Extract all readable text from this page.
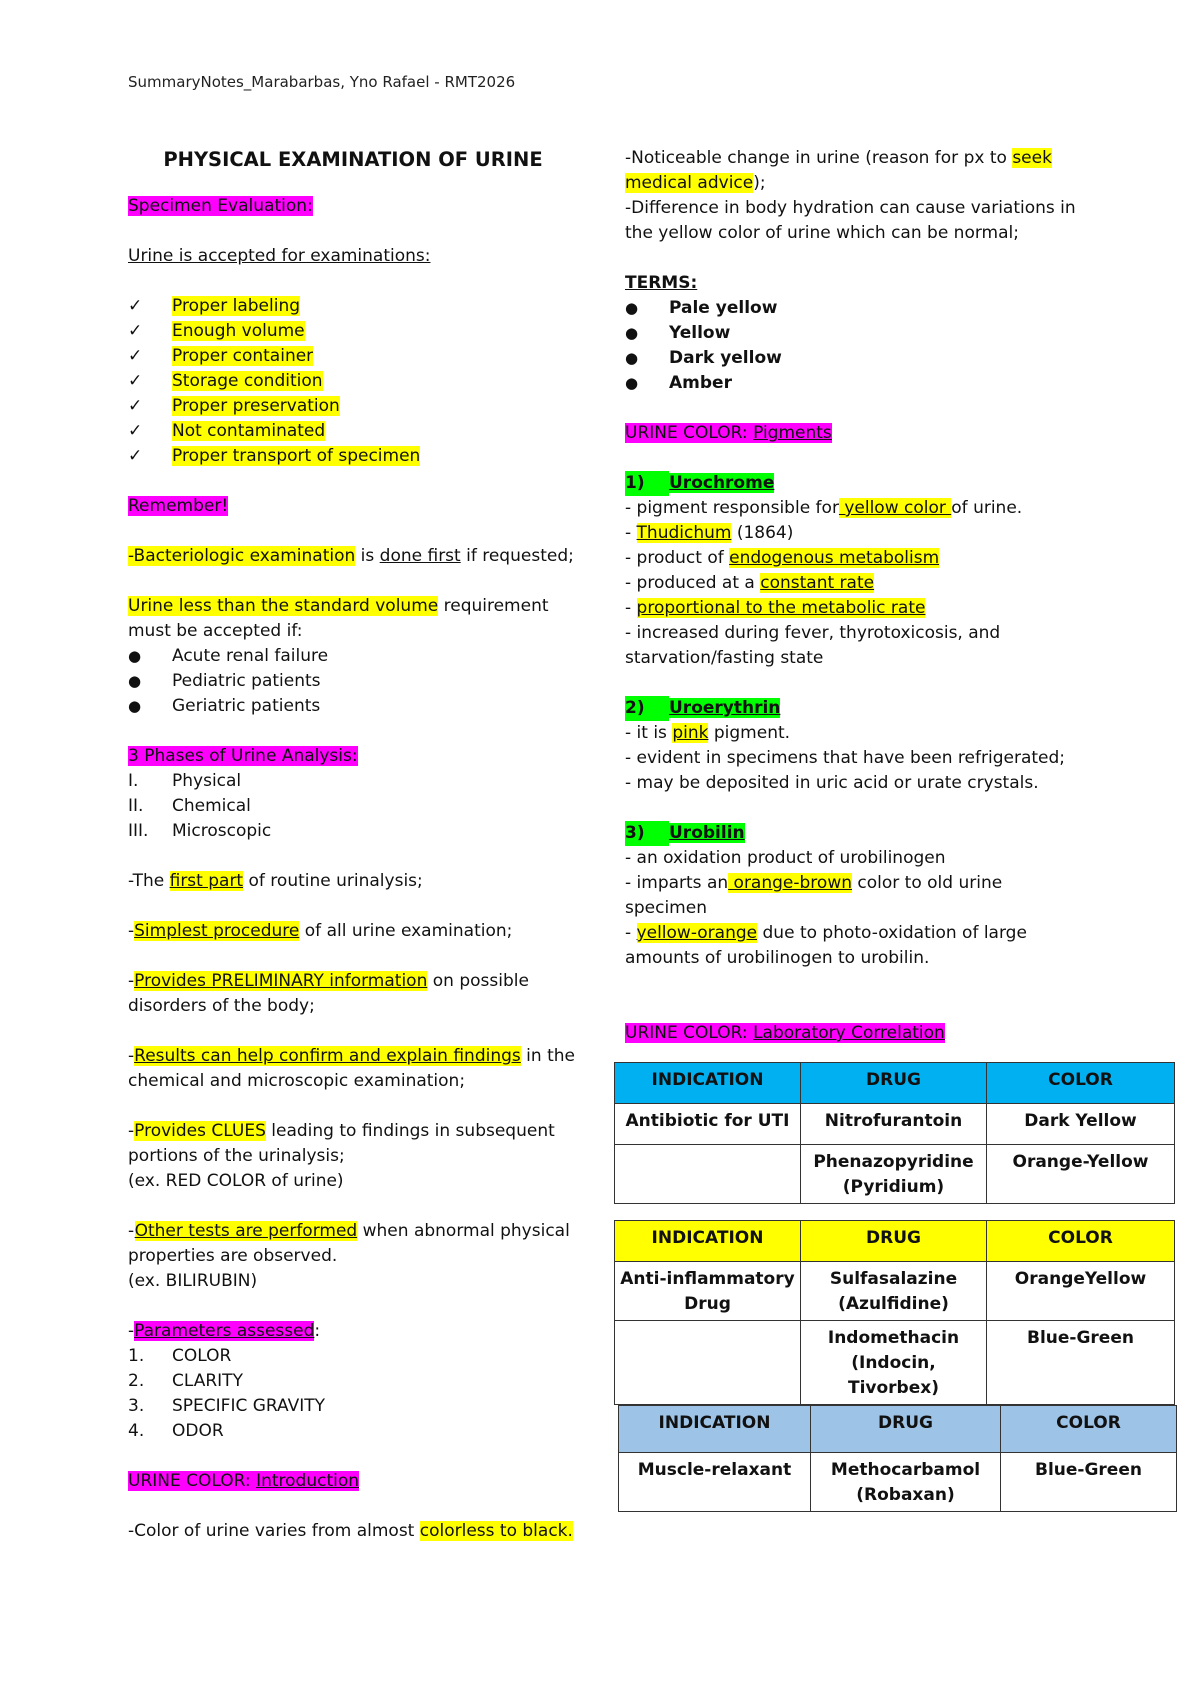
SummaryNotes_Marabarbas, Yno Rafael - RMT2026
PHYSICAL EXAMINATION OF URINE
Specimen Evaluation:
Urine is accepted for examinations:
✓ Proper labeling
✓ Enough volume
✓ Proper container
✓ Storage condition
✓ Proper preservation
✓ Not contaminated
✓ Proper transport of specimen
Remember!
-Bacteriologic examination is done first if requested;
Urine less than the standard volume requirement
must be accepted if:
● Acute renal failure
● Pediatric patients
● Geriatric patients
3 Phases of Urine Analysis:
I. Physical
II. Chemical
III. Microscopic
-The first part of routine urinalysis;
-Simplest procedure of all urine examination;
-Provides PRELIMINARY information on possible
disorders of the body;
-Results can help confirm and explain findings in the
chemical and microscopic examination;
-Provides CLUES leading to findings in subsequent
portions of the urinalysis;
(ex. RED COLOR of urine)
-Other tests are performed when abnormal physical
properties are observed.
(ex. BILIRUBIN)
-Parameters assessed:
1. COLOR
2. CLARITY
3. SPECIFIC GRAVITY
4. ODOR
URINE COLOR: Introduction
-Color of urine varies from almost colorless to black.
-Noticeable change in urine (reason for px to seek
medical advice);
-Difference in body hydration can cause variations in
the yellow color of urine which can be normal;
TERMS:
● Pale yellow
● Yellow
● Dark yellow
● Amber
URINE COLOR: Pigments
1) Urochrome
- pigment responsible for yellow color of urine.
- Thudichum (1864)
- product of endogenous metabolism
- produced at a constant rate
- proportional to the metabolic rate
- increased during fever, thyrotoxicosis, and
starvation/fasting state
2) Uroerythrin
- it is pink pigment.
- evident in specimens that have been refrigerated;
- may be deposited in uric acid or urate crystals.
3) Urobilin
- an oxidation product of urobilinogen
- imparts an orange-brown color to old urine
specimen
- yellow-orange due to photo-oxidation of large
amounts of urobilinogen to urobilin.
URINE COLOR: Laboratory Correlation
INDICATION	DRUG	COLOR
Antibiotic for UTI	Nitrofurantoin	Dark Yellow
	Phenazopyridine (Pyridium)	Orange-Yellow
INDICATION	DRUG	COLOR
Anti-inflammatory Drug	Sulfasalazine (Azulfidine)	OrangeYellow
	Indomethacin (Indocin, Tivorbex)	Blue-Green
INDICATION	DRUG	COLOR
Muscle-relaxant	Methocarbamol (Robaxan)	Blue-Green
